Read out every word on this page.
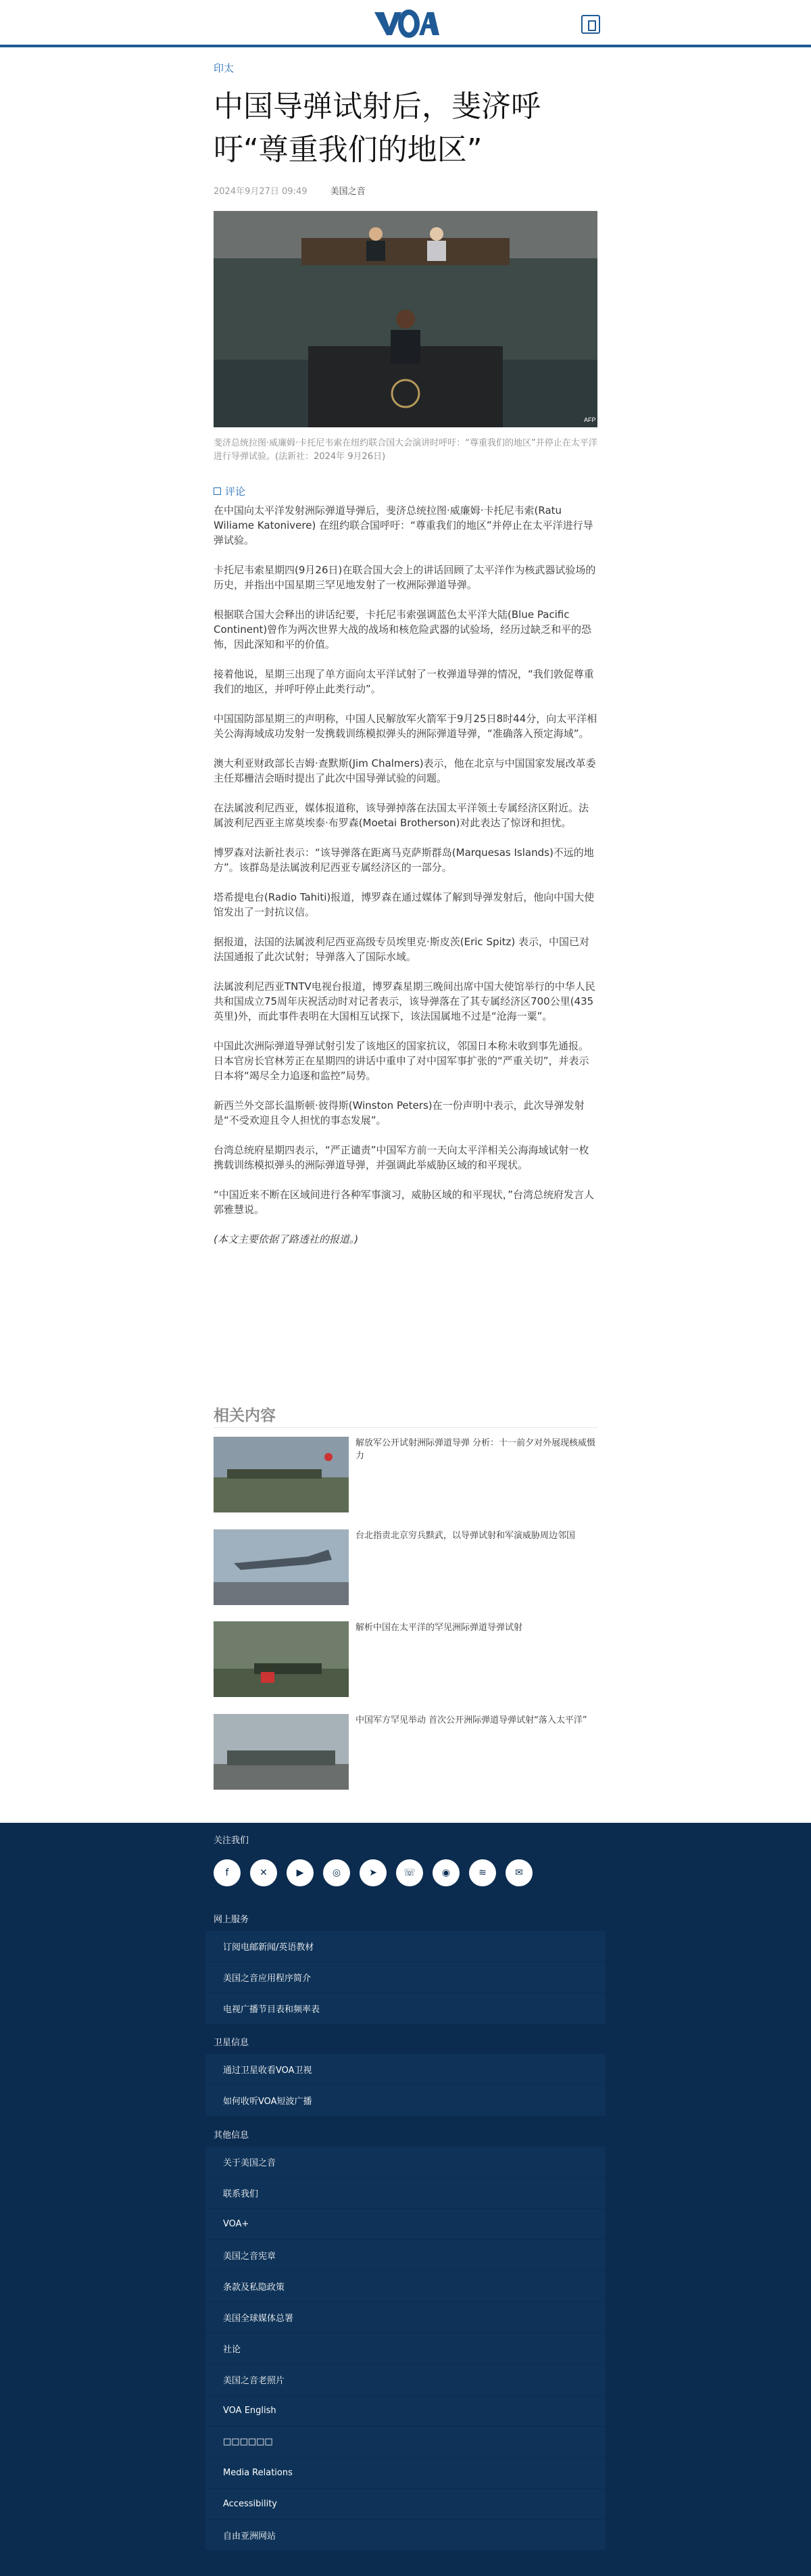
印太
中国导弹试射后，斐济呼吁“尊重我们的地区”
2024年9月27日 09:49	美国之音
AFP

斐济总统拉图·威廉姆·卡托尼韦索在纽约联合国大会演讲时呼吁：“尊重我们的地区”并停止在太平洋进行导弹试验。(法新社：2024年 9月26日)

评论

在中国向太平洋发射洲际弹道导弹后，斐济总统拉图·威廉姆·卡托尼韦索(Ratu Wiliame Katonivere) 在纽约联合国呼吁：“尊重我们的地区”并停止在太平洋进行导弹试验。

卡托尼韦索星期四(9月26日)在联合国大会上的讲话回顾了太平洋作为核武器试验场的历史，并指出中国星期三罕见地发射了一枚洲际弹道导弹。

根据联合国大会释出的讲话纪要，卡托尼韦索强调蓝色太平洋大陆(Blue Pacific Continent)曾作为两次世界大战的战场和核危险武器的试验场，经历过缺乏和平的恐怖，因此深知和平的价值。

接着他说，星期三出现了单方面向太平洋试射了一枚弹道导弹的情况，“我们敦促尊重我们的地区，并呼吁停止此类行动”。

中国国防部星期三的声明称，中国人民解放军火箭军于9月25日8时44分，向太平洋相关公海海域成功发射一发携载训练模拟弹头的洲际弹道导弹，“准确落入预定海域”。

澳大利亚财政部长吉姆·查默斯(Jim Chalmers)表示，他在北京与中国国家发展改革委主任郑栅洁会晤时提出了此次中国导弹试验的问题。

在法属波利尼西亚，媒体报道称，该导弹掉落在法国太平洋领土专属经济区附近。法属波利尼西亚主席莫埃泰·布罗森(Moetai Brotherson)对此表达了惊讶和担忧。

博罗森对法新社表示：“该导弹落在距离马克萨斯群岛(Marquesas Islands)不远的地方”。该群岛是法属波利尼西亚专属经济区的一部分。

塔希提电台(Radio Tahiti)报道，博罗森在通过媒体了解到导弹发射后，他向中国大使馆发出了一封抗议信。

据报道，法国的法属波利尼西亚高级专员埃里克·斯皮茨(Eric Spitz) 表示，中国已对法国通报了此次试射；导弹落入了国际水域。

法属波利尼西亚TNTV电视台报道，博罗森星期三晚间出席中国大使馆举行的中华人民共和国成立75周年庆祝活动时对记者表示，该导弹落在了其专属经济区700公里(435英里)外，而此事件表明在大国相互试探下，该法国属地不过是“沧海一粟”。

中国此次洲际弹道导弹试射引发了该地区的国家抗议，邻国日本称未收到事先通报。日本官房长官林芳正在星期四的讲话中重申了对中国军事扩张的“严重关切”，并表示日本将“竭尽全力追逐和监控”局势。

新西兰外交部长温斯顿·彼得斯(Winston Peters)在一份声明中表示，此次导弹发射是“不受欢迎且令人担忧的事态发展”。

台湾总统府星期四表示，“严正谴责”中国军方前一天向太平洋相关公海海域试射一枚携载训练模拟弹头的洲际弹道导弹，并强调此举威胁区域的和平现状。

“中国近来不断在区域间进行各种军事演习，威胁区域的和平现状，”台湾总统府发言人郭雅慧说。

(本文主要依据了路透社的报道。)

相关内容

解放军公开试射洲际弹道导弹 分析：十一前夕对外展现核威慑力

台北指责北京穷兵黩武，以导弹试射和军演威胁周边邻国

解析中国在太平洋的罕见洲际弹道导弹试射

中国军方罕见举动 首次公开洲际弹道导弹试射“落入太平洋”

关注我们
f	✕	▶	◎	➤	☏	◉	≋	✉
网上服务
订阅电邮新闻/英语教材
美国之音应用程序简介
电视广播节目表和频率表
卫星信息
通过卫星收看VOA卫视
如何收听VOA短波广播
其他信息
关于美国之音
联系我们
VOA+
美国之音宪章
条款及私隐政策
美国全球媒体总署
社论
美国之音老照片
VOA English
□□□□□□
Media Relations
Accessibility
自由亚洲网站
